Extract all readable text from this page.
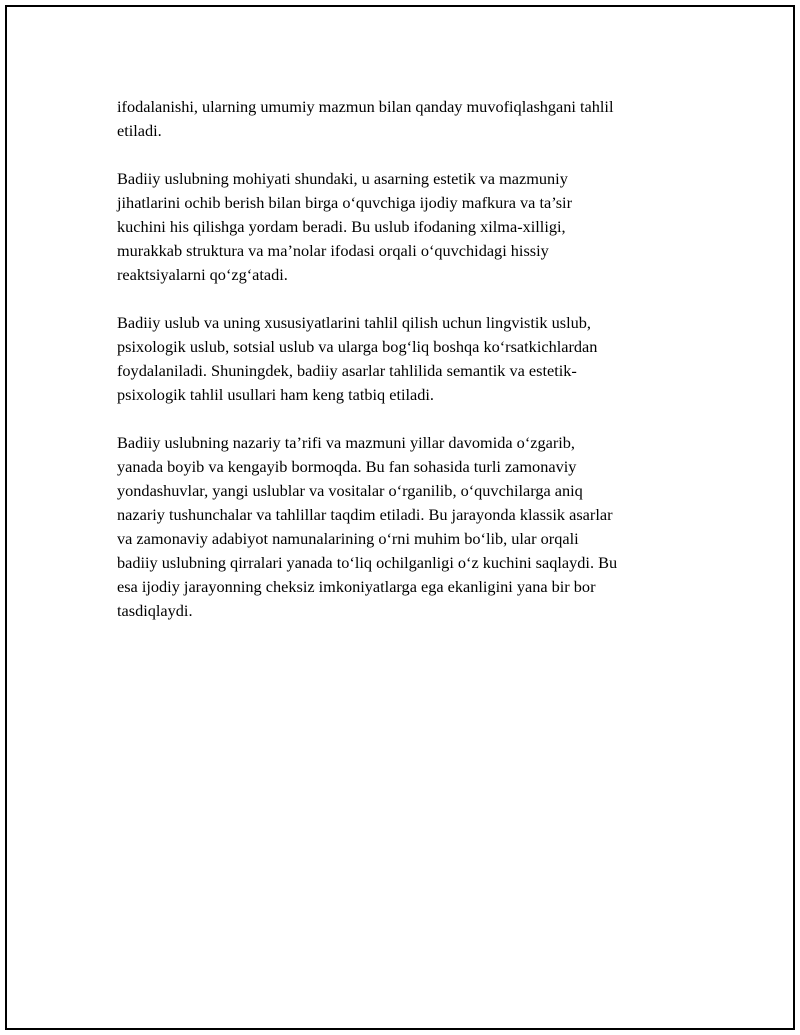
ifodalanishi, ularning umumiy mazmun bilan qanday muvofiqlashgani tahlil
etiladi.

Badiiy uslubning mohiyati shundaki, u asarning estetik va mazmuniy
jihatlarini ochib berish bilan birga o‘quvchiga ijodiy mafkura va ta’sir
kuchini his qilishga yordam beradi. Bu uslub ifodaning xilma-xilligi,
murakkab struktura va ma’nolar ifodasi orqali o‘quvchidagi hissiy
reaktsiyalarni qo‘zg‘atadi.

Badiiy uslub va uning xususiyatlarini tahlil qilish uchun lingvistik uslub,
psixologik uslub, sotsial uslub va ularga bog‘liq boshqa ko‘rsatkichlardan
foydalaniladi. Shuningdek, badiiy asarlar tahlilida semantik va estetik-
psixologik tahlil usullari ham keng tatbiq etiladi.

Badiiy uslubning nazariy ta’rifi va mazmuni yillar davomida o‘zgarib,
yanada boyib va kengayib bormoqda. Bu fan sohasida turli zamonaviy
yondashuvlar, yangi uslublar va vositalar o‘rganilib, o‘quvchilarga aniq
nazariy tushunchalar va tahlillar taqdim etiladi. Bu jarayonda klassik asarlar
va zamonaviy adabiyot namunalarining o‘rni muhim bo‘lib, ular orqali
badiiy uslubning qirralari yanada to‘liq ochilganligi o‘z kuchini saqlaydi. Bu
esa ijodiy jarayonning cheksiz imkoniyatlarga ega ekanligini yana bir bor
tasdiqlaydi.
